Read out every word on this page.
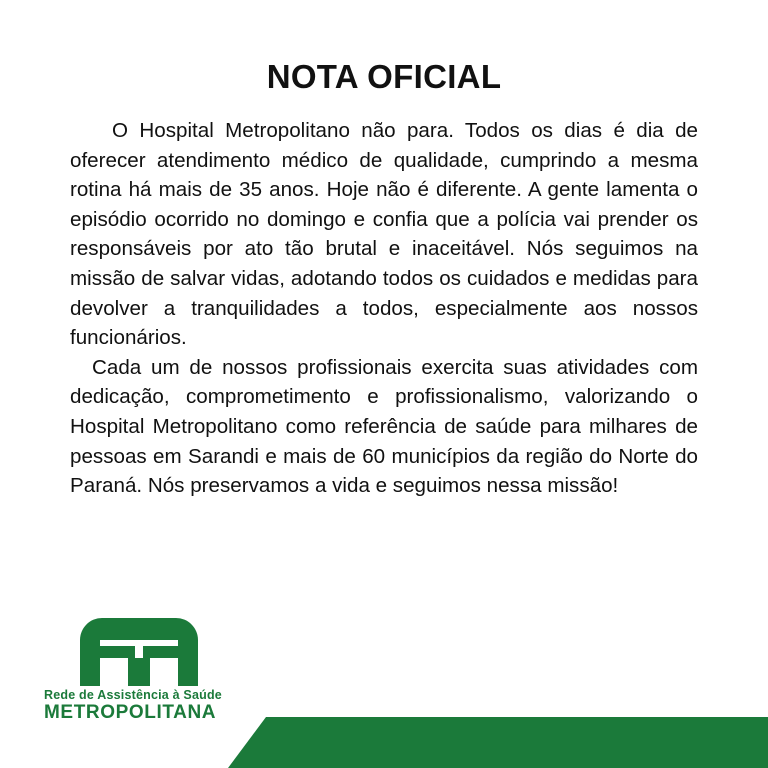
NOTA OFICIAL

O Hospital Metropolitano não para. Todos os dias é dia de oferecer atendimento médico de qualidade, cumprindo a mesma rotina há mais de 35 anos. Hoje não é diferente. A gente lamenta o episódio ocorrido no domingo e confia que a polícia vai prender os responsáveis por ato tão brutal e inaceitável. Nós seguimos na missão de salvar vidas, adotando todos os cuidados e medidas para devolver a tranquilidades a todos, especialmente aos nossos funcionários.

Cada um de nossos profissionais exercita suas atividades com dedicação, comprometimento e profissionalismo, valorizando o Hospital Metropolitano como referência de saúde para milhares de pessoas em Sarandi e mais de 60 municípios da região do Norte do Paraná. Nós preservamos a vida e seguimos nessa missão!

Rede de Assistência à Saúde
METROPOLITANA
